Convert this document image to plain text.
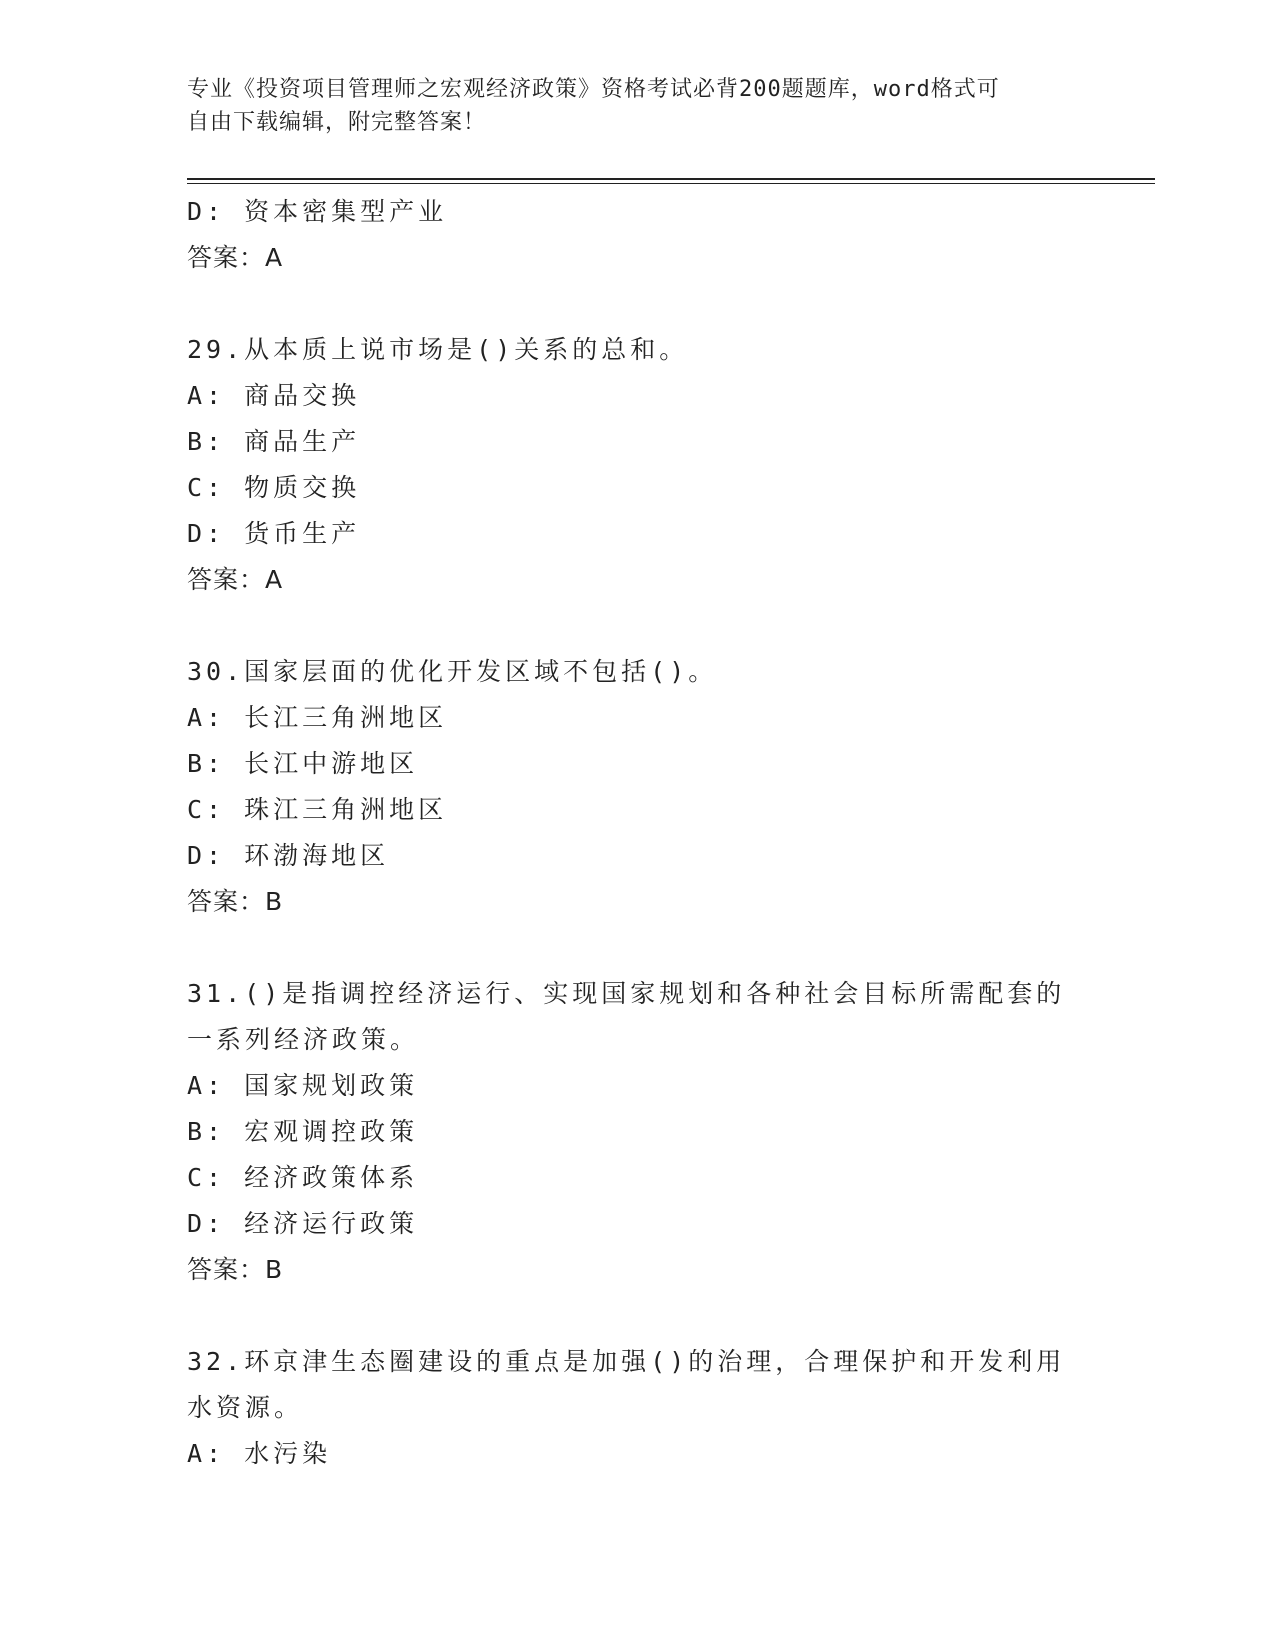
专业《投资项目管理师之宏观经济政策》资格考试必背200题题库，word格式可
自由下载编辑，附完整答案！
D: 资本密集型产业
答案：A
29.从本质上说市场是()关系的总和。
A: 商品交换
B: 商品生产
C: 物质交换
D: 货币生产
答案：A
30.国家层面的优化开发区域不包括()。
A: 长江三角洲地区
B: 长江中游地区
C: 珠江三角洲地区
D: 环渤海地区
答案：B
31.()是指调控经济运行、实现国家规划和各种社会目标所需配套的一系列经济政策。
A: 国家规划政策
B: 宏观调控政策
C: 经济政策体系
D: 经济运行政策
答案：B
32.环京津生态圈建设的重点是加强()的治理，合理保护和开发利用水资源。
A: 水污染
